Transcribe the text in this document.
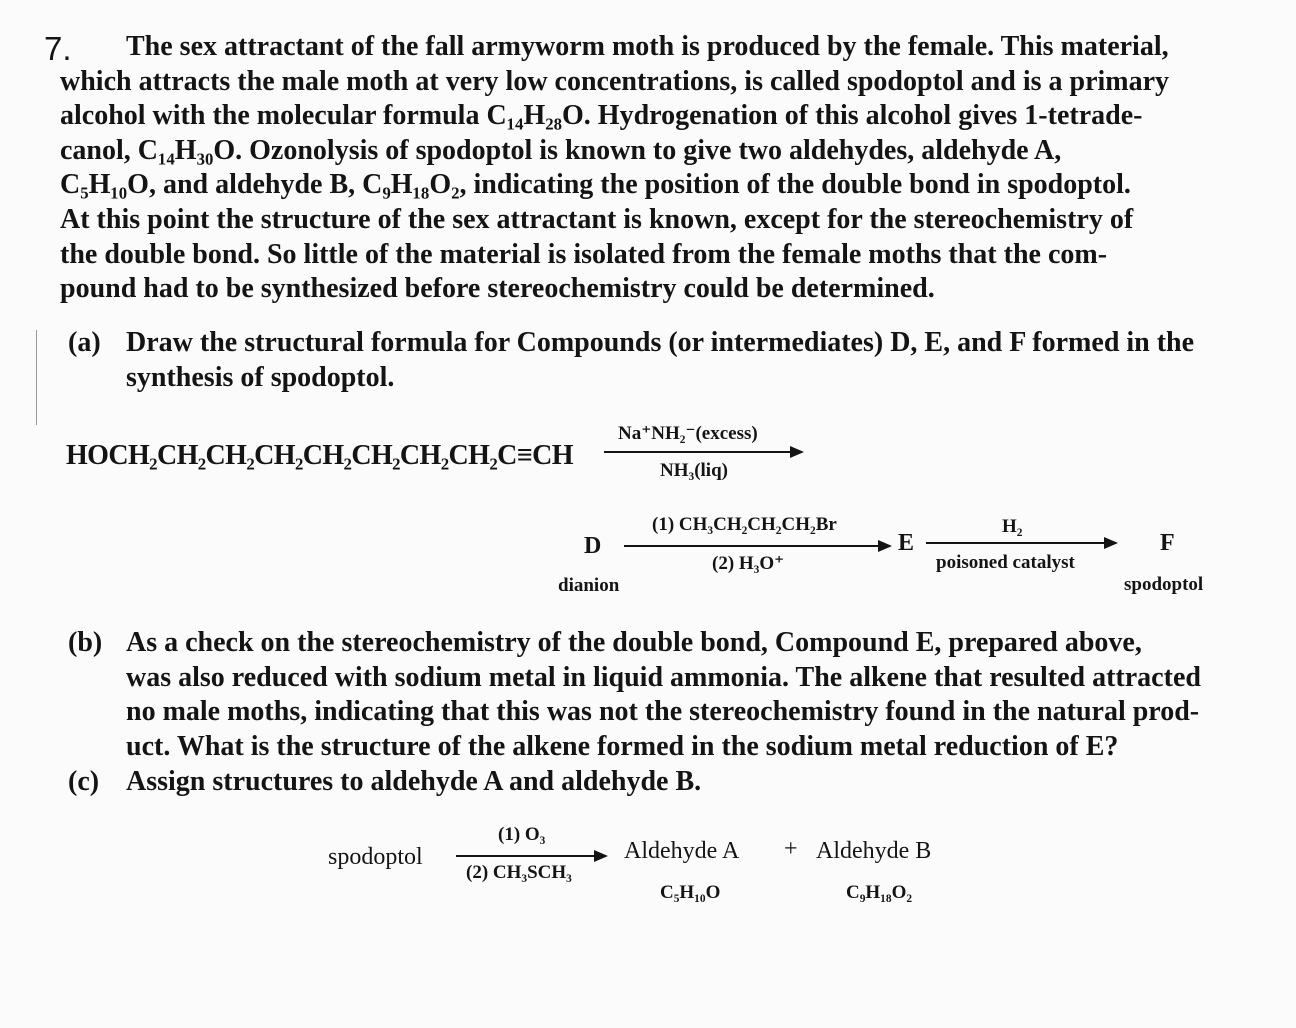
7.	The sex attractant of the fall armyworm moth is produced by the female. This material,
which attracts the male moth at very low concentrations, is called spodoptol and is a primary
alcohol with the molecular formula C₁₄H₂₈O. Hydrogenation of this alcohol gives 1-tetrade-
canol, C₁₄H₃₀O. Ozonolysis of spodoptol is known to give two aldehydes, aldehyde A,
C₅H₁₀O, and aldehyde B, C₉H₁₈O₂, indicating the position of the double bond in spodoptol.
At this point the structure of the sex attractant is known, except for the stereochemistry of
the double bond. So little of the material is isolated from the female moths that the com-
pound had to be synthesized before stereochemistry could be determined.
(a) Draw the structural formula for Compounds (or intermediates) D, E, and F formed in the
synthesis of spodoptol.
HOCH₂CH₂CH₂CH₂CH₂CH₂CH₂CH₂C≡CH
Na⁺NH₂⁻(excess)
NH₃(liq)
D
dianion
(1) CH₃CH₂CH₂CH₂Br
(2) H₃O⁺
E
H₂
poisoned catalyst
F
spodoptol
(b) As a check on the stereochemistry of the double bond, Compound E, prepared above,
was also reduced with sodium metal in liquid ammonia. The alkene that resulted attracted
no male moths, indicating that this was not the stereochemistry found in the natural prod-
uct. What is the structure of the alkene formed in the sodium metal reduction of E?
(c) Assign structures to aldehyde A and aldehyde B.
spodoptol
(1) O₃
(2) CH₃SCH₃
Aldehyde A + Aldehyde B
C₅H₁₀O	C₉H₁₈O₂
